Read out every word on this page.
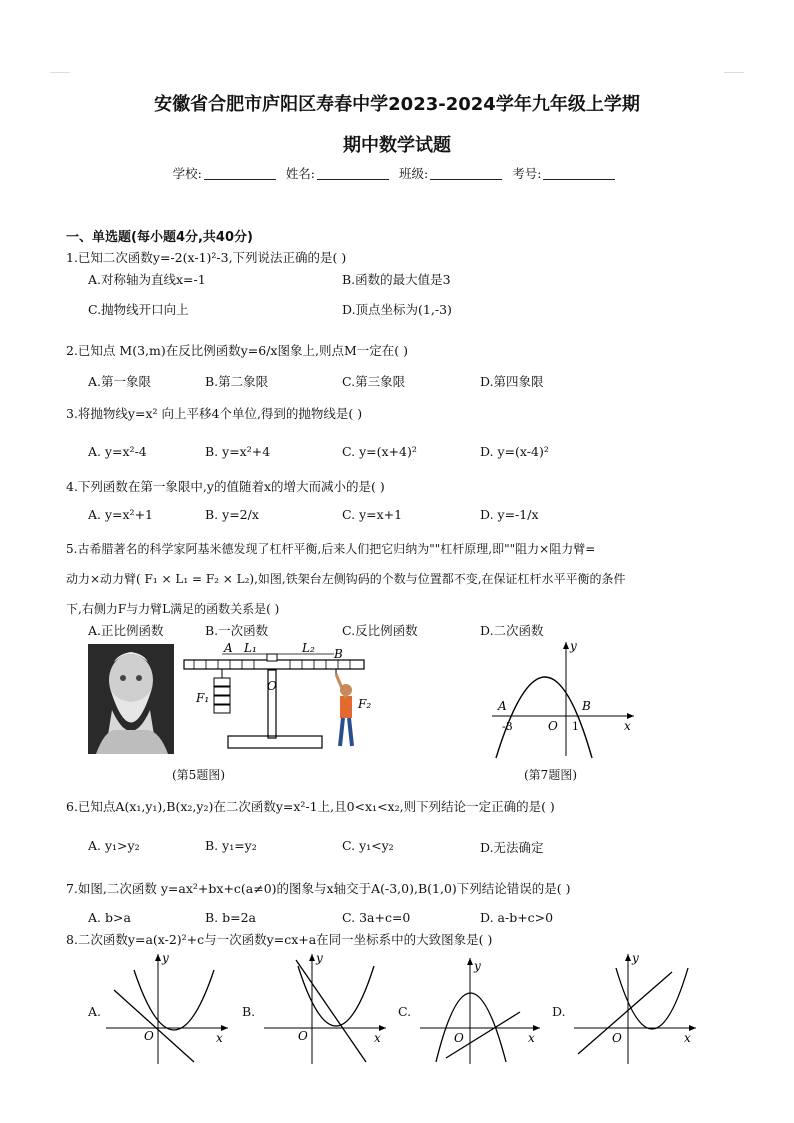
安徽省合肥市庐阳区寿春中学2023-2024学年九年级上学期
期中数学试题
学校:	姓名:	班级:	考号:
一、单选题(每小题4分,共40分)
1.已知二次函数y=-2(x-1)²-3,下列说法正确的是( )
A.对称轴为直线x=-1	B.函数的最大值是3
C.抛物线开口向上	D.顶点坐标为(1,-3)
2.已知点 M(3,m)在反比例函数y=6/x图象上,则点M一定在( )
A.第一象限	B.第二象限	C.第三象限	D.第四象限
3.将抛物线y=x² 向上平移4个单位,得到的抛物线是( )
A. y=x²-4	B. y=x²+4	C. y=(x+4)²	D. y=(x-4)²
4.下列函数在第一象限中,y的值随着x的增大而减小的是( )
A. y=x²+1	B. y=2/x	C. y=x+1	D. y=-1/x
5.古希腊著名的科学家阿基米德发现了杠杆平衡,后来人们把它归纳为""杠杆原理,即""阻力×阻力臂=
动力×动力臂( F₁ × L₁ = F₂ × L₂),如图,铁架台左侧钩码的个数与位置都不变,在保证杠杆水平平衡的条件
下,右侧力F与力臂L满足的函数关系是( )
A.正比例函数	B.一次函数	C.反比例函数	D.二次函数
A L₁	L₂ B
O
F₁	F₂
(第5题图)
y
A
-3	O 1
B
x
(第7题图)
6.已知点A(x₁,y₁),B(x₂,y₂)在二次函数y=x²-1上,且0<x₁<x₂,则下列结论一定正确的是( )
A. y₁>y₂	B. y₁=y₂	C. y₁<y₂	D.无法确定
7.如图,二次函数 y=ax²+bx+c(a≠0)的图象与x轴交于A(-3,0),B(1,0)下列结论错误的是( )
A. b>a	B. b=2a	C. 3a+c=0	D. a-b+c>0
8.二次函数y=a(x-2)²+c与一次函数y=cx+a在同一坐标系中的大致图象是( )
A.
y
O	x
B.
y
O	x
C.
y
O	x
D.
y
O	x
